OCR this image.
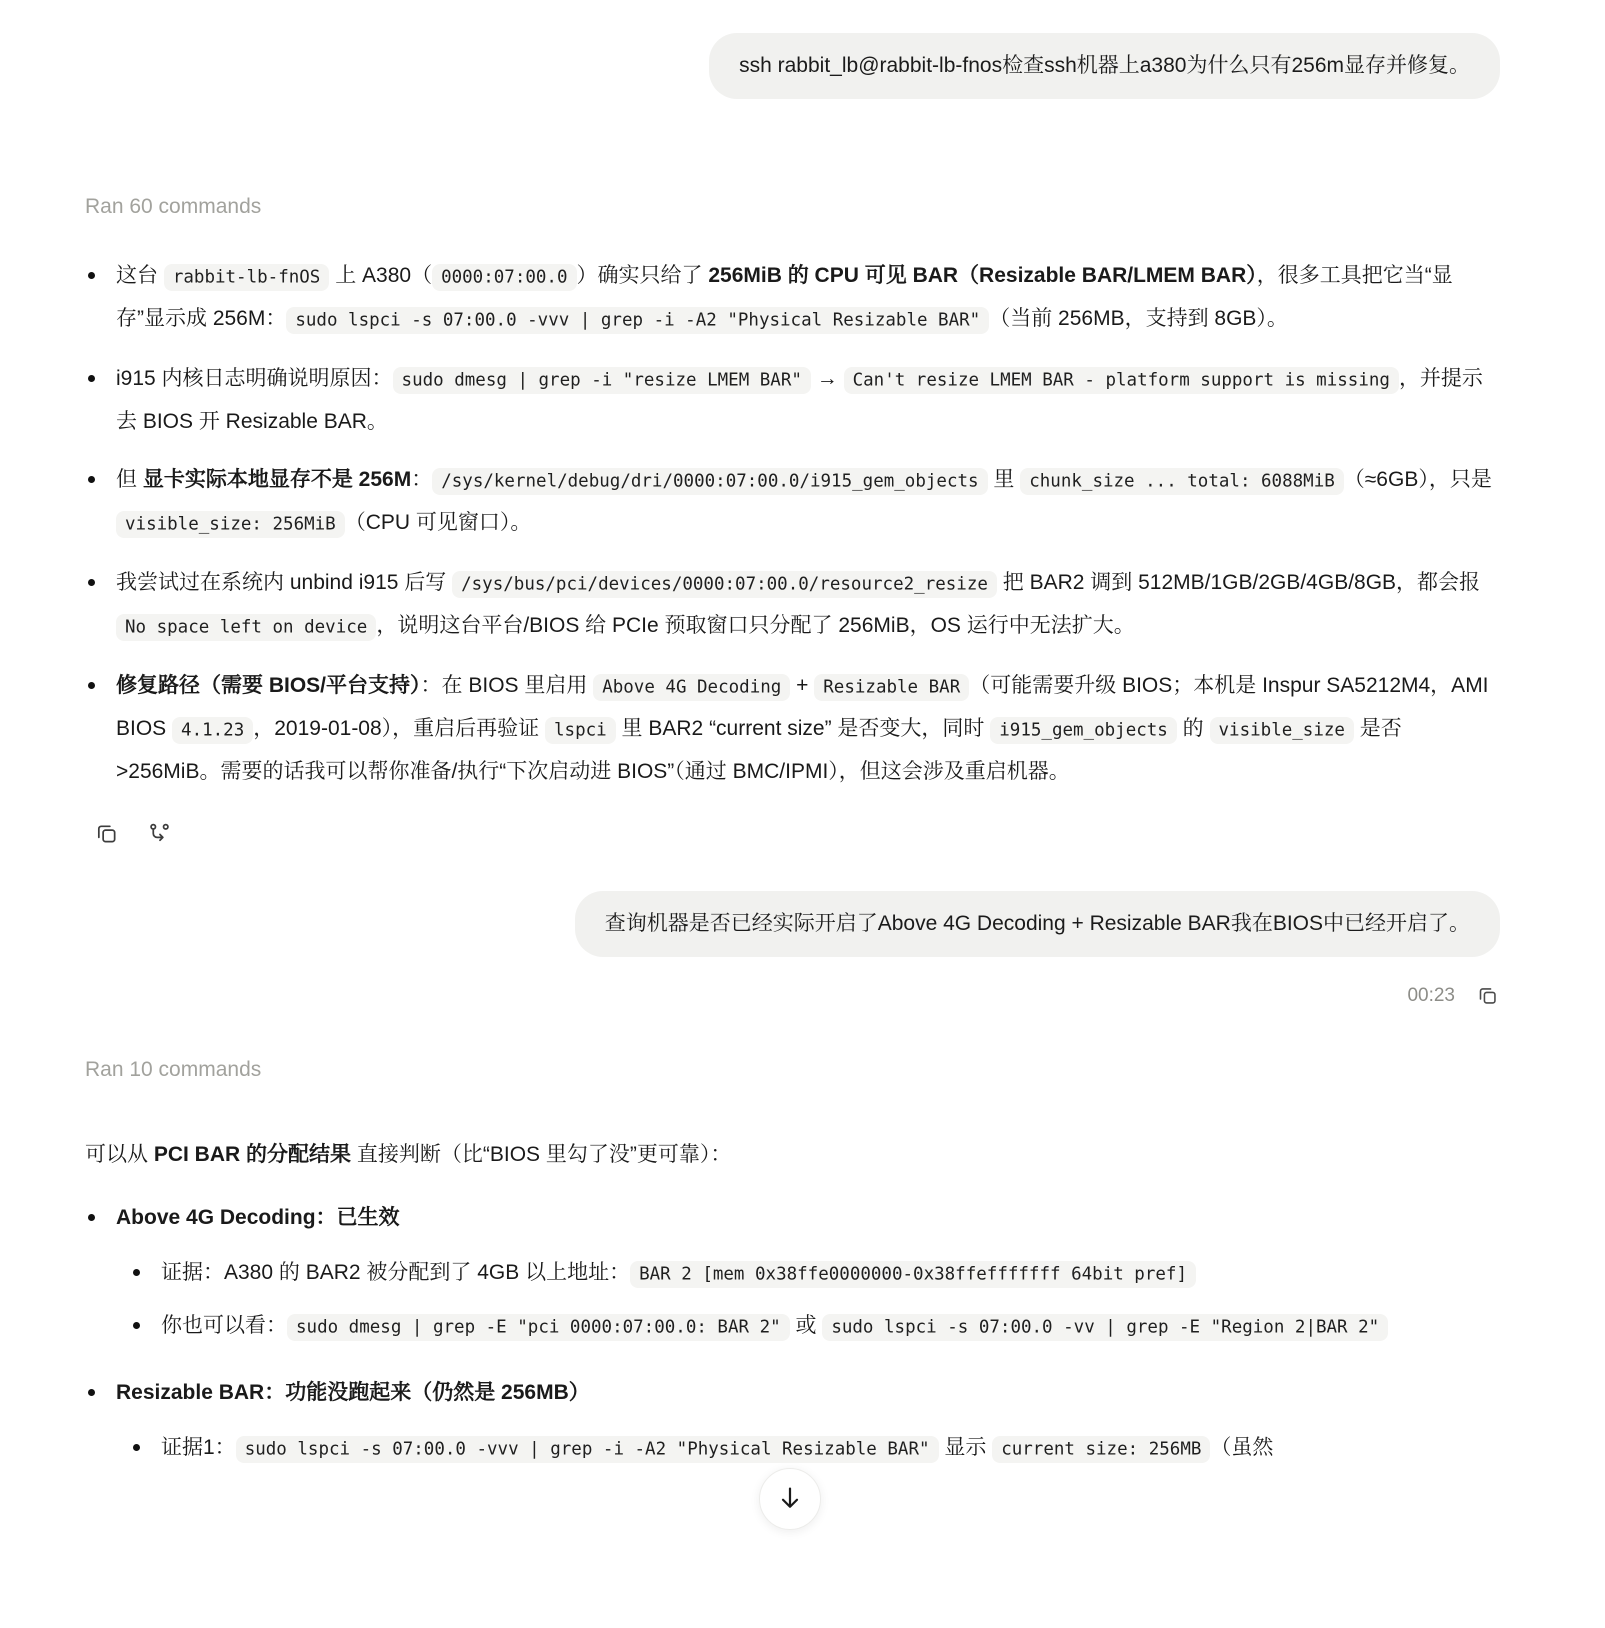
ssh rabbit_lb@rabbit-lb-fnos检查ssh机器上a380为什么只有256m显存并修复。
Ran 60 commands
这台 rabbit-lb-fnOS 上 A380（ 0000:07:00.0 ）确实只给了 256MiB 的 CPU 可见 BAR（Resizable BAR/LMEM BAR），很多工具把它当“显存”显示成 256M： sudo lspci -s 07:00.0 -vvv | grep -i -A2 "Physical Resizable BAR" （当前 256MB，支持到 8GB）。
i915 内核日志明确说明原因： sudo dmesg | grep -i "resize LMEM BAR" → Can't resize LMEM BAR - platform support is missing ，并提示去 BIOS 开 Resizable BAR。
但 显卡实际本地显存不是 256M： /sys/kernel/debug/dri/0000:07:00.0/i915_gem_objects 里 chunk_size ... total: 6088MiB （≈6GB），只是 visible_size: 256MiB （CPU 可见窗口）。
我尝试过在系统内 unbind i915 后写 /sys/bus/pci/devices/0000:07:00.0/resource2_resize 把 BAR2 调到 512MB/1GB/2GB/4GB/8GB，都会报 No space left on device ，说明这台平台/BIOS 给 PCIe 预取窗口只分配了 256MiB，OS 运行中无法扩大。
修复路径（需要 BIOS/平台支持）：在 BIOS 里启用 Above 4G Decoding + Resizable BAR （可能需要升级 BIOS；本机是 Inspur SA5212M4，AMI BIOS 4.1.23 ，2019-01-08），重启后再验证 lspci 里 BAR2 “current size” 是否变大，同时 i915_gem_objects 的 visible_size 是否 >256MiB。需要的话我可以帮你准备/执行“下次启动进 BIOS”（通过 BMC/IPMI），但这会涉及重启机器。
查询机器是否已经实际开启了Above 4G Decoding + Resizable BAR我在BIOS中已经开启了。
00:23
Ran 10 commands

可以从 PCI BAR 的分配结果 直接判断（比“BIOS 里勾了没”更可靠）：

Above 4G Decoding：已生效
证据：A380 的 BAR2 被分配到了 4GB 以上地址： BAR 2 [mem 0x38ffe0000000-0x38ffefffffff 64bit pref]
你也可以看： sudo dmesg | grep -E "pci 0000:07:00.0: BAR 2" 或 sudo lspci -s 07:00.0 -vv | grep -E "Region 2|BAR 2"
Resizable BAR：功能没跑起来（仍然是 256MB）
证据1： sudo lspci -s 07:00.0 -vvv | grep -i -A2 "Physical Resizable BAR" 显示 current size: 256MB （虽然
